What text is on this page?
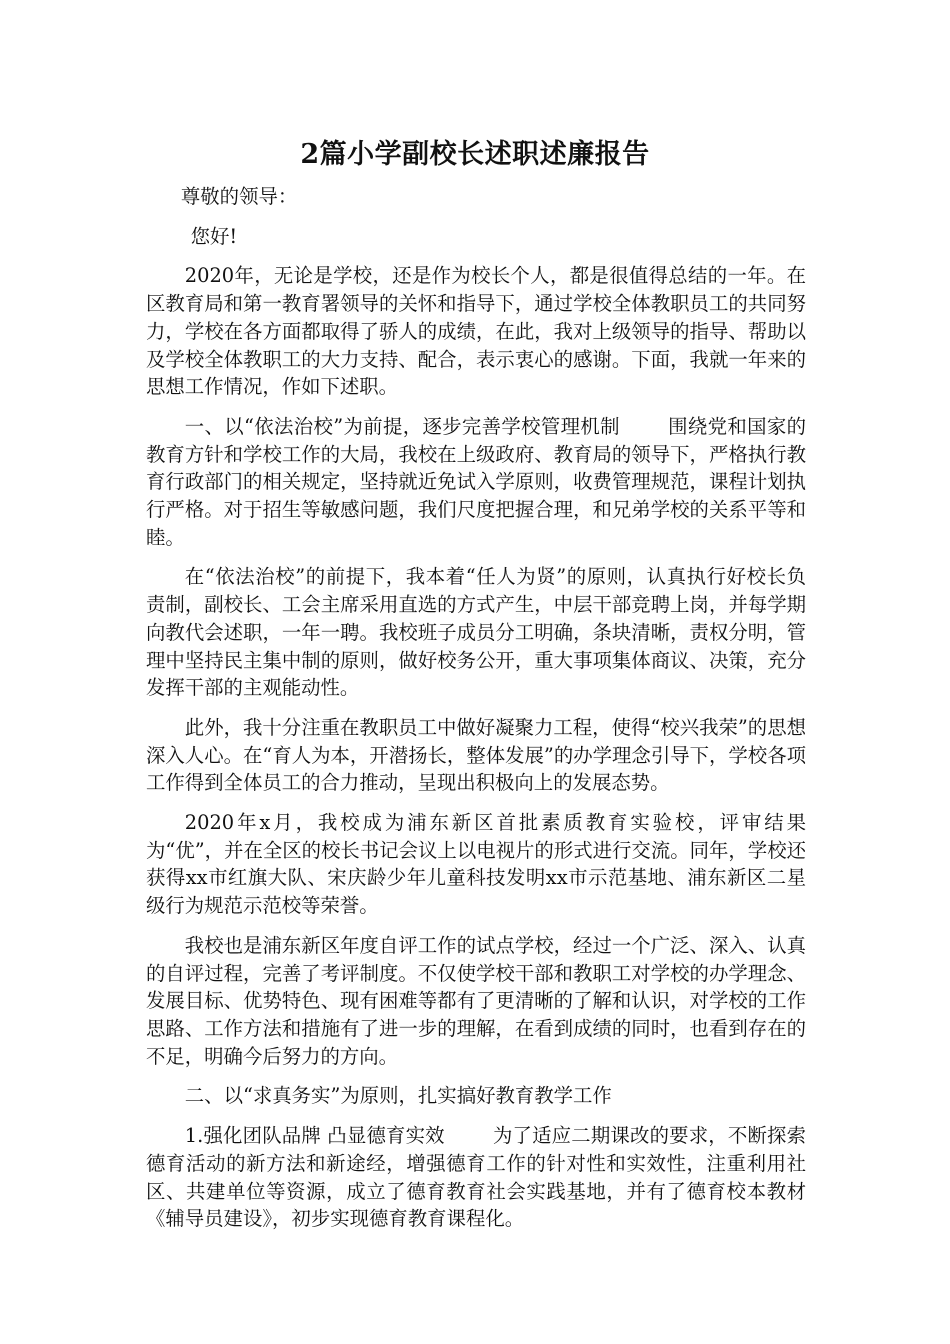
2篇小学副校长述职述廉报告

尊敬的领导：

您好!

2020年，无论是学校，还是作为校长个人，都是很值得总结的一年。在区教育局和第一教育署领导的关怀和指导下，通过学校全体教职员工的共同努力，学校在各方面都取得了骄人的成绩，在此，我对上级领导的指导、帮助以及学校全体教职工的大力支持、配合，表示衷心的感谢。下面，我就一年来的思想工作情况，作如下述职。

一、以“依法治校”为前提，逐步完善学校管理机制 围绕党和国家的教育方针和学校工作的大局，我校在上级政府、教育局的领导下，严格执行教育行政部门的相关规定，坚持就近免试入学原则，收费管理规范，课程计划执行严格。对于招生等敏感问题，我们尺度把握合理，和兄弟学校的关系平等和睦。

在“依法治校”的前提下，我本着“任人为贤”的原则，认真执行好校长负责制，副校长、工会主席采用直选的方式产生，中层干部竞聘上岗，并每学期向教代会述职，一年一聘。我校班子成员分工明确，条块清晰，责权分明，管理中坚持民主集中制的原则，做好校务公开，重大事项集体商议、决策，充分发挥干部的主观能动性。

此外，我十分注重在教职员工中做好凝聚力工程，使得“校兴我荣”的思想深入人心。在“育人为本，开潜扬长，整体发展”的办学理念引导下，学校各项工作得到全体员工的合力推动，呈现出积极向上的发展态势。

2020年x月，我校成为浦东新区首批素质教育实验校，评审结果为“优”，并在全区的校长书记会议上以电视片的形式进行交流。同年，学校还获得xx市红旗大队、宋庆龄少年儿童科技发明xx市示范基地、浦东新区二星级行为规范示范校等荣誉。

我校也是浦东新区年度自评工作的试点学校，经过一个广泛、深入、认真的自评过程，完善了考评制度。不仅使学校干部和教职工对学校的办学理念、发展目标、优势特色、现有困难等都有了更清晰的了解和认识，对学校的工作思路、工作方法和措施有了进一步的理解，在看到成绩的同时，也看到存在的不足，明确今后努力的方向。

二、以“求真务实”为原则，扎实搞好教育教学工作

1.强化团队品牌 凸显德育实效 为了适应二期课改的要求，不断探索德育活动的新方法和新途经，增强德育工作的针对性和实效性，注重利用社区、共建单位等资源，成立了德育教育社会实践基地，并有了德育校本教材《辅导员建设》，初步实现德育教育课程化。
